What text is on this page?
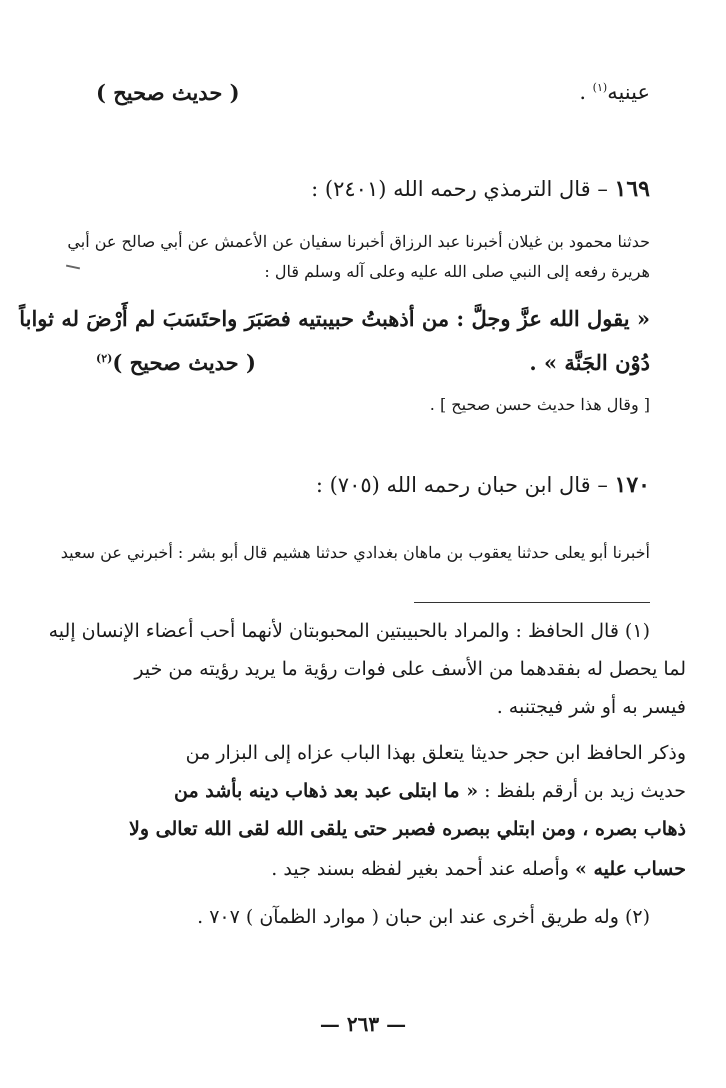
عينيه$^{(١)}$ .
( حديث صحيح )
١٦٩ – قال الترمذي رحمه الله (٢٤٠١) :
حدثنا محمود بن غيلان أخبرنا عبد الرزاق أخبرنا سفيان عن الأعمش عن أبي صالح عن أبي
هريرة رفعه إلى النبي صلى الله عليه وعلى آله وسلم قال :
« يقول الله عزَّ وجلَّ : من أذهبتُ حبيبتيه فصَبَرَ واحتَسَبَ لم أَرْضَ له ثواباً
دُوْن الجَنَّة » .
( حديث صحيح )$^{(٢)}$
[ وقال هذا حديث حسن صحيح ] .
١٧٠ – قال ابن حبان رحمه الله (٧٠٥) :
أخبرنا أبو يعلى حدثنا يعقوب بن ماهان بغدادي حدثنا هشيم قال أبو بشر : أخبرني عن سعيد
(١) قال الحافظ : والمراد بالحبيبتين المحبوبتان لأنهما أحب أعضاء الإنسان إليه
لما يحصل له بفقدهما من الأسف على فوات رؤية ما يريد رؤيته من خير
فيسر به أو شر فيجتنبه .
وذكر الحافظ ابن حجر حديثا يتعلق بهذا الباب عزاه إلى البزار من
حديث زيد بن أرقم بلفظ : « ما ابتلى عبد بعد ذهاب دينه بأشد من
ذهاب بصره ، ومن ابتلي ببصره فصبر حتى يلقى الله لقى الله تعالى ولا
حساب عليه » وأصله عند أحمد بغير لفظه بسند جيد .
(٢) وله طريق أخرى عند ابن حبان ( موارد الظمآن ) ٧٠٧ .
— ٢٦٣ —
